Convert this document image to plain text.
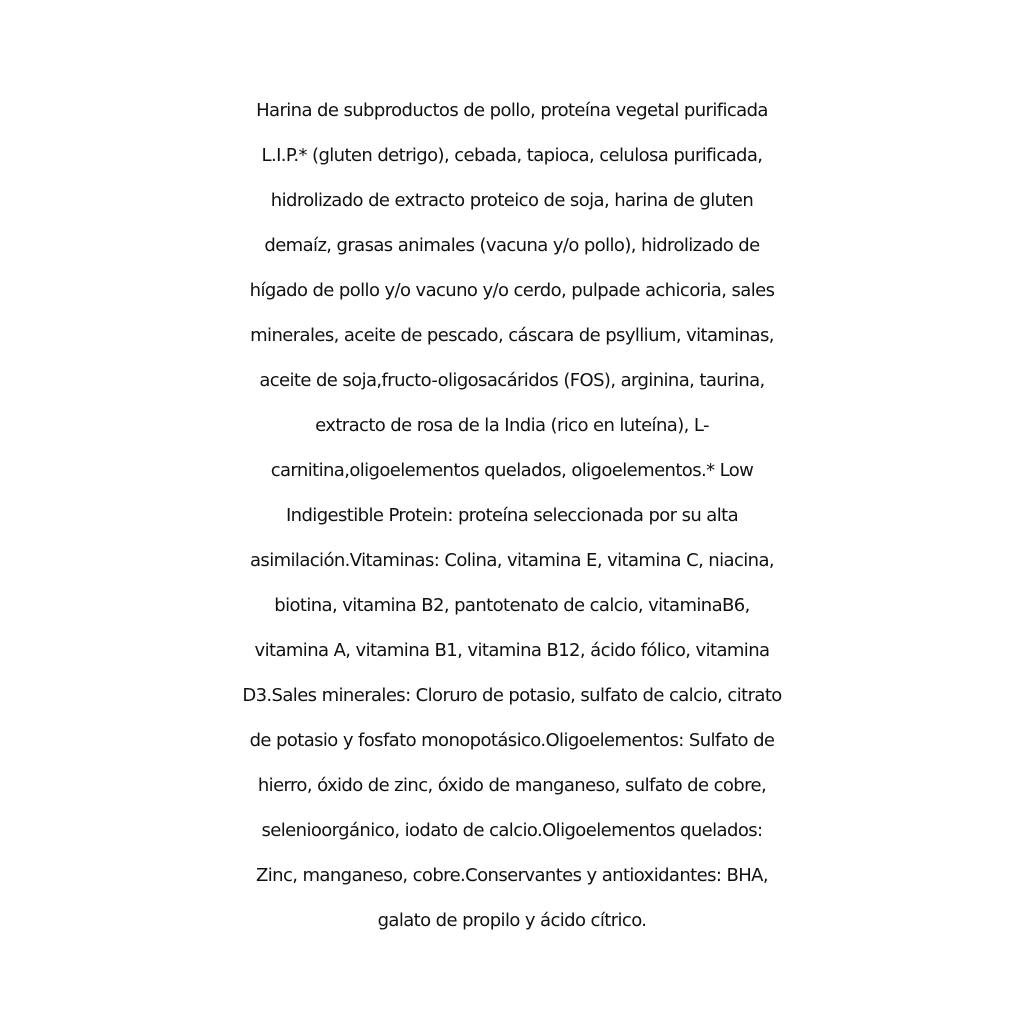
Harina de subproductos de pollo, proteína vegetal purificada
L.I.P.* (gluten detrigo), cebada, tapioca, celulosa purificada,
hidrolizado de extracto proteico de soja, harina de gluten
demaíz, grasas animales (vacuna y/o pollo), hidrolizado de
hígado de pollo y/o vacuno y/o cerdo, pulpade achicoria, sales
minerales, aceite de pescado, cáscara de psyllium, vitaminas,
aceite de soja,fructo-oligosacáridos (FOS), arginina, taurina,
extracto de rosa de la India (rico en luteína), L-
carnitina,oligoelementos quelados, oligoelementos.* Low
Indigestible Protein: proteína seleccionada por su alta
asimilación.Vitaminas: Colina, vitamina E, vitamina C, niacina,
biotina, vitamina B2, pantotenato de calcio, vitaminaB6,
vitamina A, vitamina B1, vitamina B12, ácido fólico, vitamina
D3.Sales minerales: Cloruro de potasio, sulfato de calcio, citrato
de potasio y fosfato monopotásico.Oligoelementos: Sulfato de
hierro, óxido de zinc, óxido de manganeso, sulfato de cobre,
selenioorgánico, iodato de calcio.Oligoelementos quelados:
Zinc, manganeso, cobre.Conservantes y antioxidantes: BHA,
galato de propilo y ácido cítrico.
